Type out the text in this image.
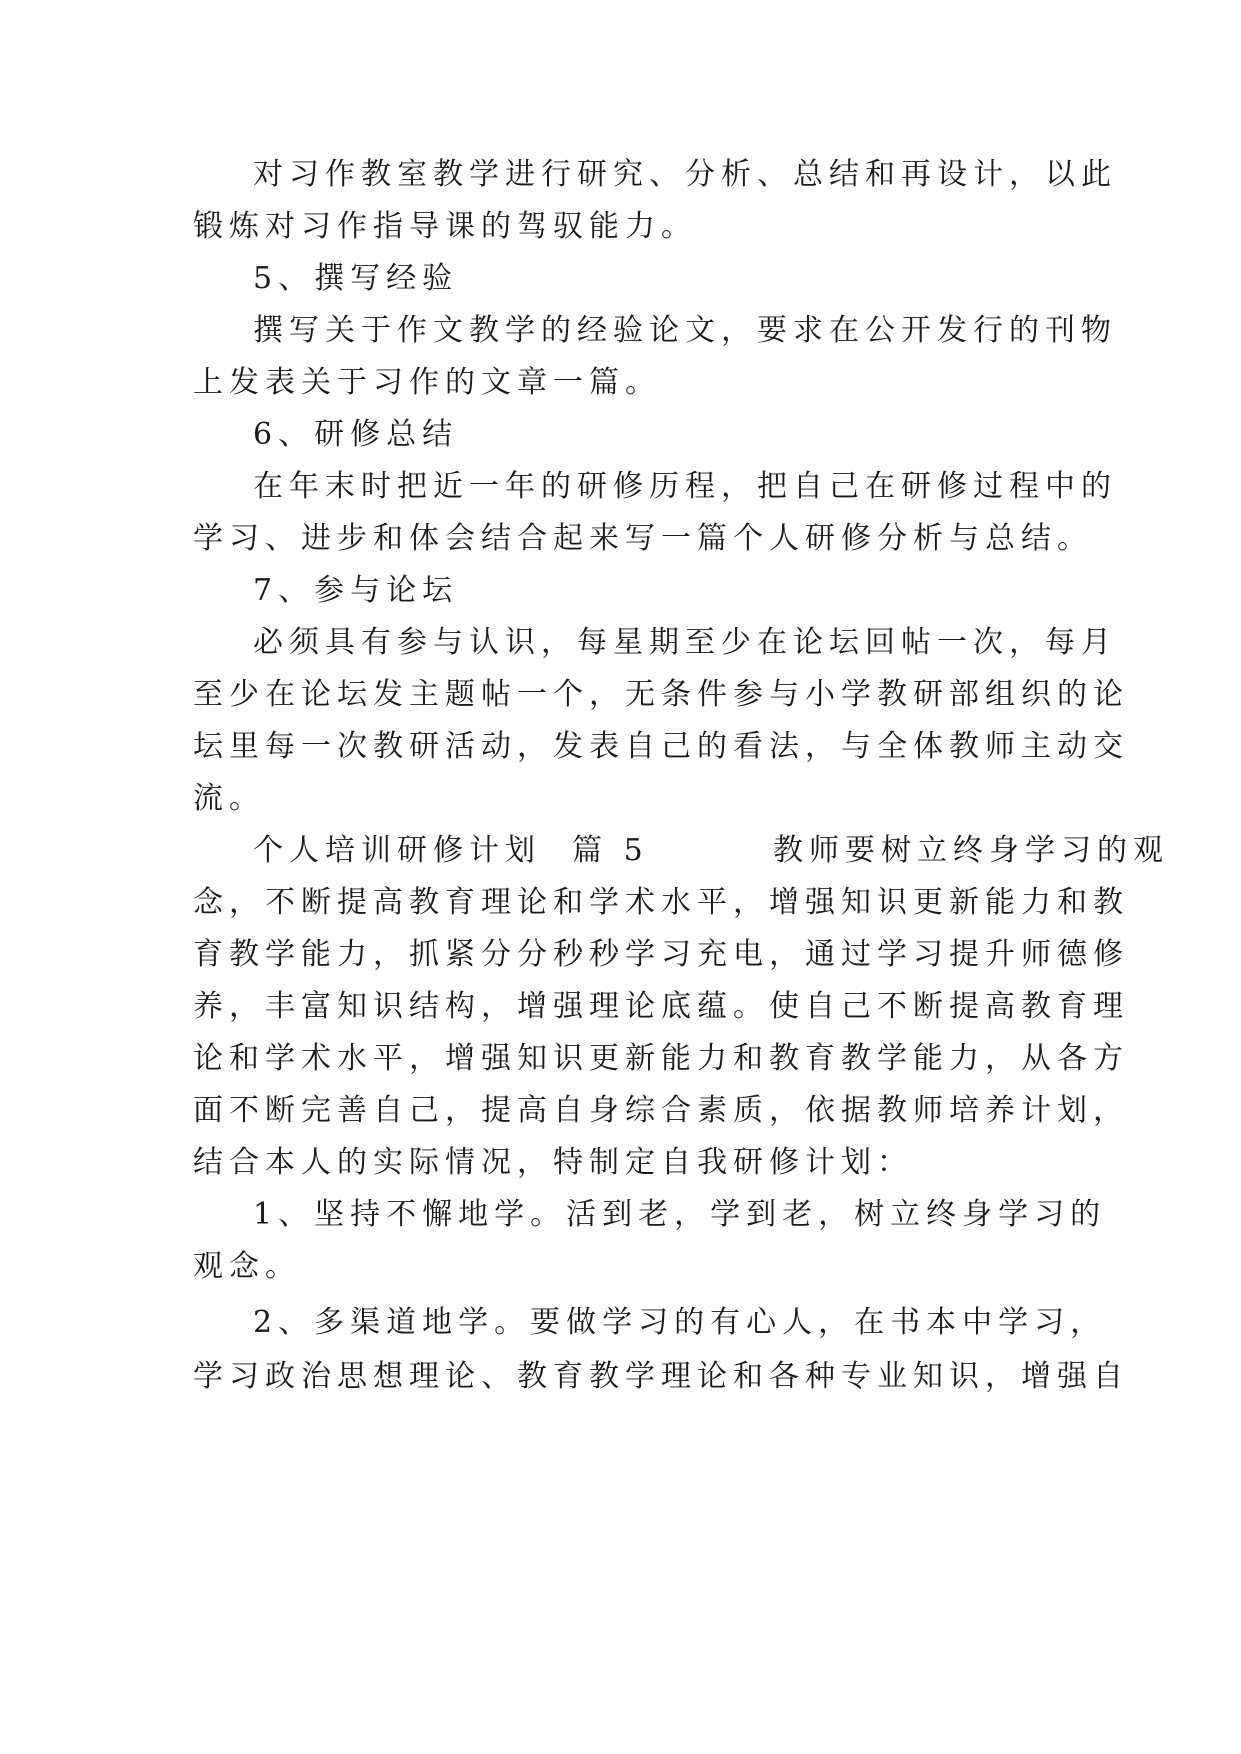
对习作教室教学进行研究、分析、总结和再设计，以此
锻炼对习作指导课的驾驭能力。
5、撰写经验
撰写关于作文教学的经验论文，要求在公开发行的刊物
上发表关于习作的文章一篇。
6、研修总结
在年末时把近一年的研修历程，把自己在研修过程中的
学习、进步和体会结合起来写一篇个人研修分析与总结。
7、参与论坛
必须具有参与认识，每星期至少在论坛回帖一次，每月
至少在论坛发主题帖一个，无条件参与小学教研部组织的论
坛里每一次教研活动，发表自己的看法，与全体教师主动交
流。
个人培训研修计划  篇 5        教师要树立终身学习的观
念，不断提高教育理论和学术水平，增强知识更新能力和教
育教学能力，抓紧分分秒秒学习充电，通过学习提升师德修
养，丰富知识结构，增强理论底蕴。使自己不断提高教育理
论和学术水平，增强知识更新能力和教育教学能力，从各方
面不断完善自己，提高自身综合素质，依据教师培养计划，
结合本人的实际情况，特制定自我研修计划：
1、坚持不懈地学。活到老，学到老，树立终身学习的
观念。
2、多渠道地学。要做学习的有心人，在书本中学习，
学习政治思想理论、教育教学理论和各种专业知识，增强自
